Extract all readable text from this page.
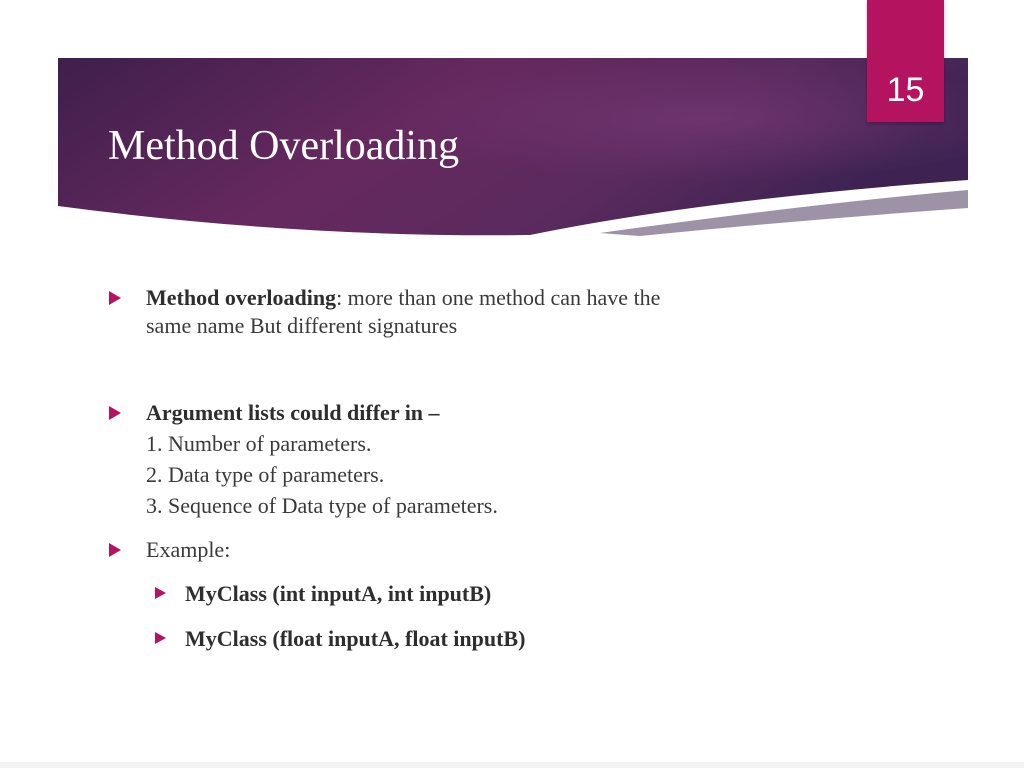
15
Method Overloading
Method overloading: more than one method can have the
same name But different signatures
Argument lists could differ in –
1. Number of parameters.
2. Data type of parameters.
3. Sequence of Data type of parameters.
Example:
MyClass (int inputA, int inputB)
MyClass (float inputA, float inputB)
